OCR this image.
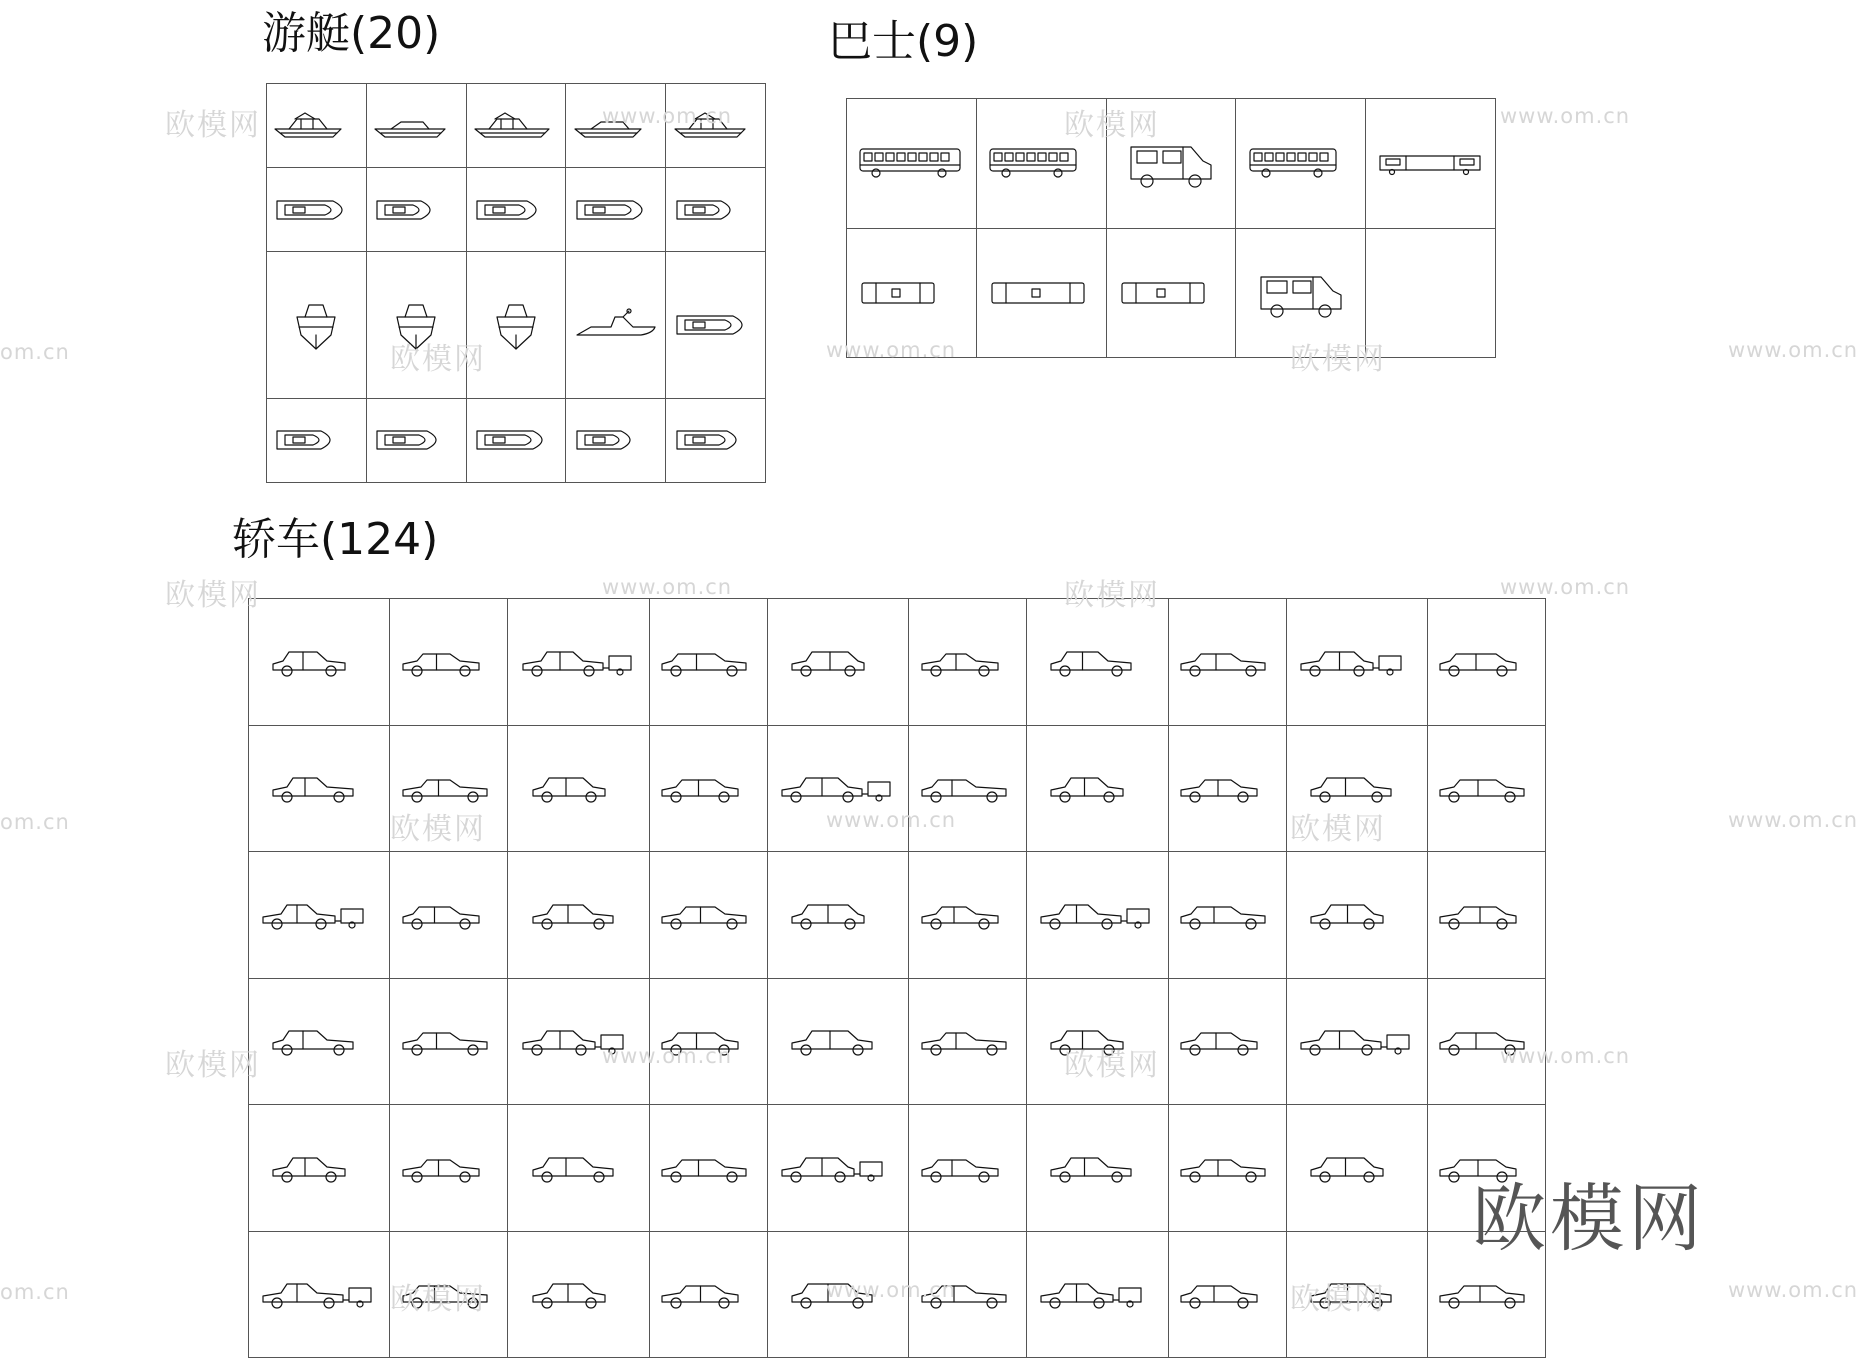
游艇(20)	巴士(9)
轿车(124)

欧模网	www.om.cn	欧模网	www.om.cn
om.cn	欧模网	www.om.cn	欧模网	www.om.cn
欧模网	www.om.cn	欧模网	www.om.cn
om.cn	欧模网	www.om.cn	欧模网	www.om.cn
欧模网	www.om.cn	欧模网	www.om.cn
om.cn	欧模网	www.om.cn	欧模网	www.om.cn
欧模网
